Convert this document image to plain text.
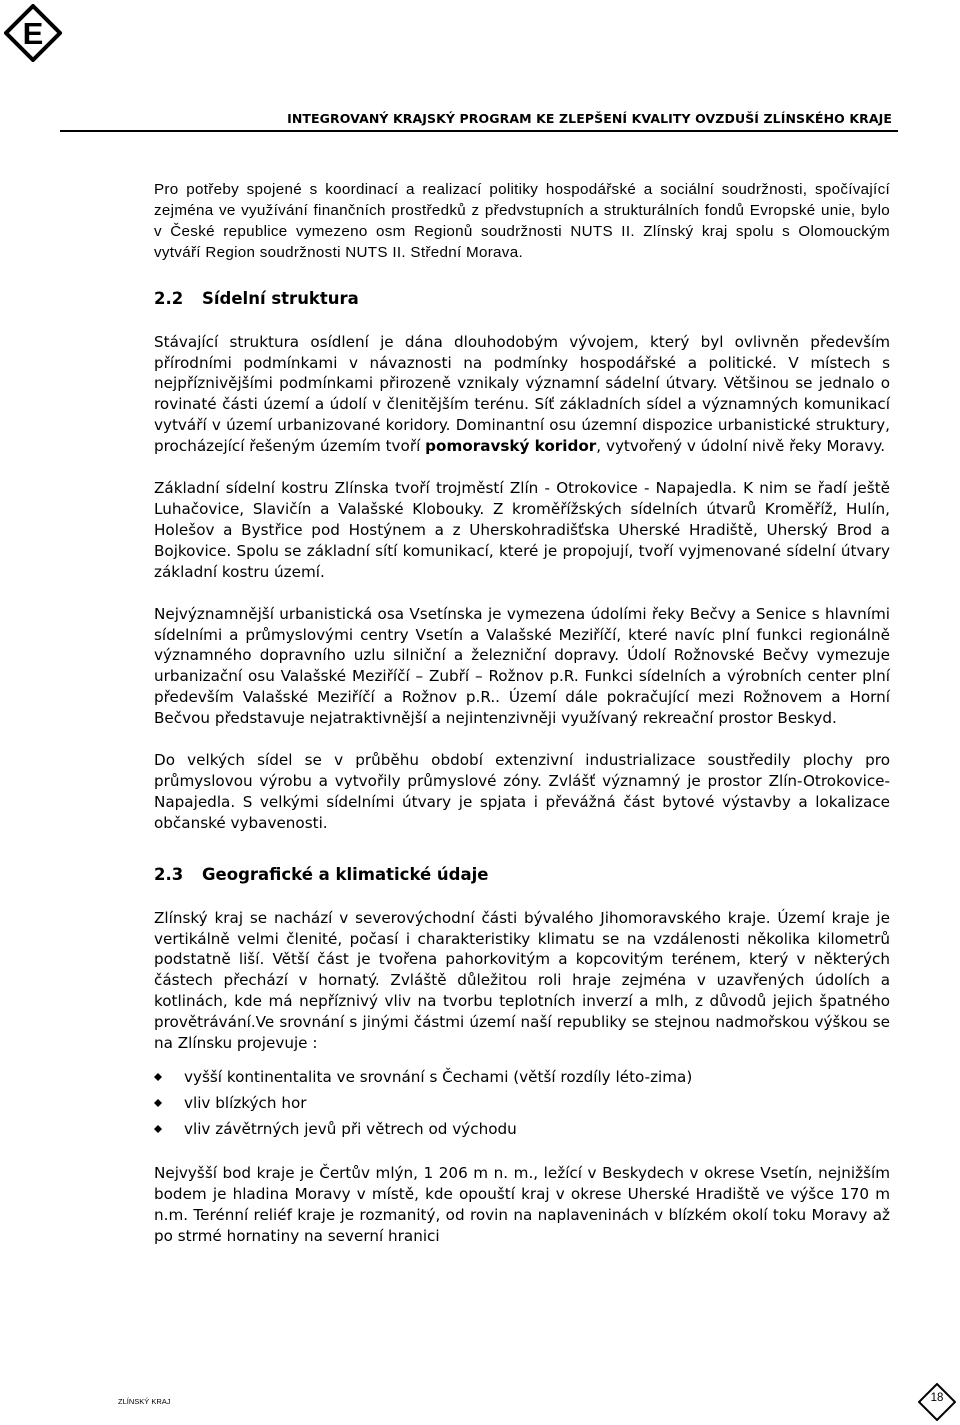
E
INTEGROVANÝ KRAJSKÝ PROGRAM KE ZLEPŠENÍ KVALITY OVZDUŠÍ ZLÍNSKÉHO KRAJE

Pro potřeby spojené s koordinací a realizací politiky hospodářské a sociální soudržnosti, spočívající zejména ve využívání finančních prostředků z předvstupních a strukturálních fondů Evropské unie, bylo v České republice vymezeno osm Regionů soudržnosti NUTS II. Zlínský kraj spolu s Olomouckým vytváří Region soudržnosti NUTS II. Střední Morava.

2.2 Sídelní struktura

Stávající struktura osídlení je dána dlouhodobým vývojem, který byl ovlivněn především přírodními podmínkami v návaznosti na podmínky hospodářské a politické. V místech s nejpříznivějšími podmínkami přirozeně vznikaly významní sádelní útvary. Většinou se jednalo o rovinaté části území a údolí v členitějším terénu. Síť základních sídel a významných komunikací vytváří v území urbanizované koridory. Dominantní osu územní dispozice urbanistické struktury, procházející řešeným územím tvoří pomoravský koridor, vytvořený v údolní nivě řeky Moravy.

Základní sídelní kostru Zlínska tvoří trojměstí Zlín - Otrokovice - Napajedla. K nim se řadí ještě Luhačovice, Slavičín a Valašské Klobouky. Z kroměřížských sídelních útvarů Kroměříž, Hulín, Holešov a Bystřice pod Hostýnem a z Uherskohradišťska Uherské Hradiště, Uherský Brod a Bojkovice. Spolu se základní sítí komunikací, které je propojují, tvoří vyjmenované sídelní útvary základní kostru území.

Nejvýznamnější urbanistická osa Vsetínska je vymezena údolími řeky Bečvy a Senice s hlavními sídelními a průmyslovými centry Vsetín a Valašské Meziříčí, které navíc plní funkci regionálně významného dopravního uzlu silniční a železniční dopravy. Údolí Rožnovské Bečvy vymezuje urbanizační osu Valašské Meziříčí – Zubří – Rožnov p.R. Funkci sídelních a výrobních center plní především Valašské Meziříčí a Rožnov p.R.. Území dále pokračující mezi Rožnovem a Horní Bečvou představuje nejatraktivnější a nejintenzivněji využívaný rekreační prostor Beskyd.

Do velkých sídel se v průběhu období extenzivní industrializace soustředily plochy pro průmyslovou výrobu a vytvořily průmyslové zóny. Zvlášť významný je prostor Zlín-Otrokovice-Napajedla. S velkými sídelními útvary je spjata i převážná část bytové výstavby a lokalizace občanské vybavenosti.

2.3 Geografické a klimatické údaje

Zlínský kraj se nachází v severovýchodní části bývalého Jihomoravského kraje. Území kraje je vertikálně velmi členité, počasí i charakteristiky klimatu se na vzdálenosti několika kilometrů podstatně liší. Větší část je tvořena pahorkovitým a kopcovitým terénem, který v některých částech přechází v hornatý. Zvláště důležitou roli hraje zejména v uzavřených údolích a kotlinách, kde má nepříznivý vliv na tvorbu teplotních inverzí a mlh, z důvodů jejich špatného provětrávání.Ve srovnání s jinými částmi území naší republiky se stejnou nadmořskou výškou se na Zlínsku projevuje :

vyšší kontinentalita ve srovnání s Čechami (větší rozdíly léto-zima)
vliv blízkých hor
vliv závětrných jevů při větrech od východu

Nejvyšší bod kraje je Čertův mlýn, 1 206 m n. m., ležící v Beskydech v okrese Vsetín, nejnižším bodem je hladina Moravy v místě, kde opouští kraj v okrese Uherské Hradiště ve výšce 170 m n.m. Terénní reliéf kraje je rozmanitý, od rovin na naplaveninách v blízkém okolí toku Moravy až po strmé hornatiny na severní hranici

ZLÍNSKÝ KRAJ	18
